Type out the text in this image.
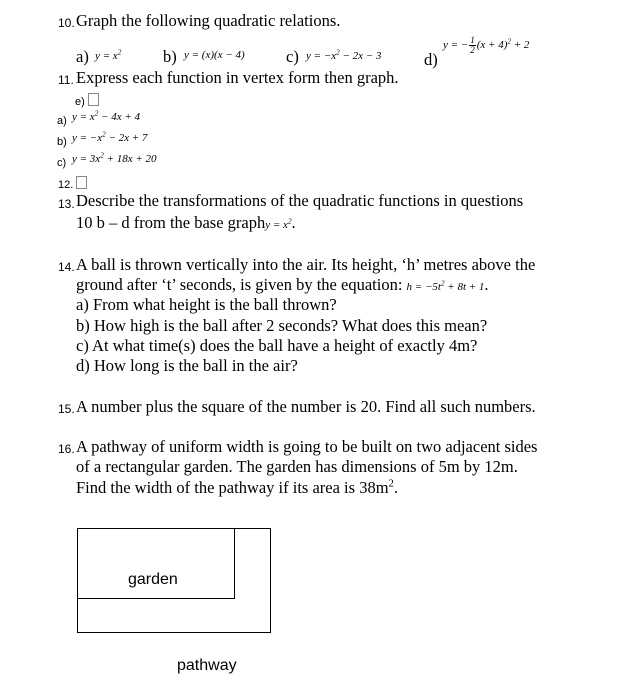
10. Graph the following quadratic relations.
a) $y = x^2$	b) y = (x)(x − 4)	c) $y = -x^2 - 2x - 3$	d)
y = − $\frac{1}{2} (x + 4)^2 + 2$
11. Express each function in vertex form then graph.
e)
a) $y = x^2 - 4x + 4$
b) $y = -x^2 - 2x + 7$
c) $y = 3x^2 + 18x + 20$
12.
13. Describe the transformations of the quadratic functions in questions
10 b – d from the base graphy = $x^2$.
14. A ball is thrown vertically into the air. Its height, ‘h’ metres above the
ground after ‘t’ seconds, is given by the equation: $h = -5t^2 + 8t + 1$.
a) From what height is the ball thrown?
b) How high is the ball after 2 seconds? What does this mean?
c) At what time(s) does the ball have a height of exactly 4m?
d) How long is the ball in the air?
15. A number plus the square of the number is 20. Find all such numbers.
16. A pathway of uniform width is going to be built on two adjacent sides
of a rectangular garden. The garden has dimensions of 5m by 12m.
Find the width of the pathway if its area is $38m^2$.
garden
pathway
